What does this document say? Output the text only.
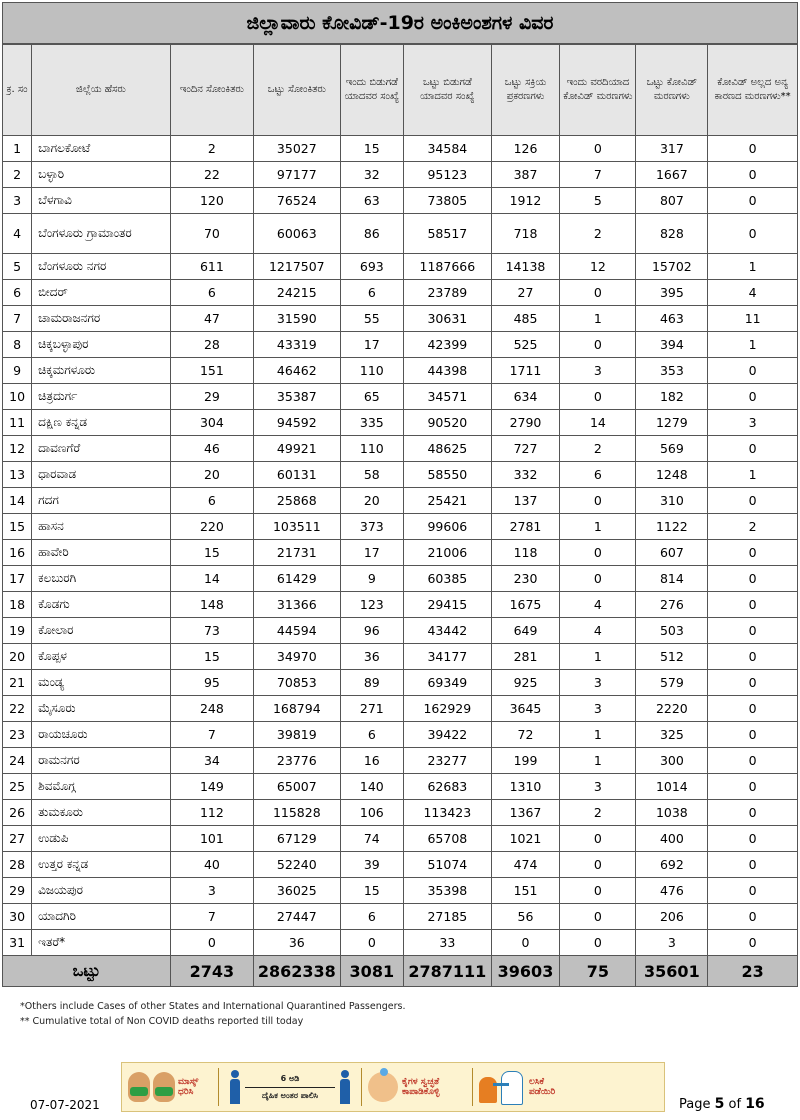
ಜಿಲ್ಲಾವಾರು ಕೋವಿಡ್-19ರ ಅಂಕಿಅಂಶಗಳ ವಿವರ
ಕ್ರ. ಸಂ	ಜಿಲ್ಲೆಯ ಹೆಸರು	ಇಂದಿನ ಸೋಂಕಿತರು	ಒಟ್ಟು ಸೋಂಕಿತರು	ಇಂದು ಬಿಡುಗಡೆ ಯಾದವರ ಸಂಖ್ಯೆ	ಒಟ್ಟು ಬಿಡುಗಡೆ ಯಾದವರ ಸಂಖ್ಯೆ	ಒಟ್ಟು ಸಕ್ರಿಯ ಪ್ರಕರಣಗಳು	ಇಂದು ವರದಿಯಾದ ಕೋವಿಡ್ ಮರಣಗಳು	ಒಟ್ಟು ಕೋವಿಡ್ ಮರಣಗಳು	ಕೋವಿಡ್ ಅಲ್ಲದ ಅನ್ಯ ಕಾರಣದ ಮರಣಗಳು**
1	ಬಾಗಲಕೋಟೆ	2	35027	15	34584	126	0	317	0
2	ಬಳ್ಳಾರಿ	22	97177	32	95123	387	7	1667	0
3	ಬೆಳಗಾವಿ	120	76524	63	73805	1912	5	807	0
4	ಬೆಂಗಳೂರು ಗ್ರಾಮಾಂತರ	70	60063	86	58517	718	2	828	0
5	ಬೆಂಗಳೂರು ನಗರ	611	1217507	693	1187666	14138	12	15702	1
6	ಬೀದರ್	6	24215	6	23789	27	0	395	4
7	ಚಾಮರಾಜನಗರ	47	31590	55	30631	485	1	463	11
8	ಚಿಕ್ಕಬಳ್ಳಾಪುರ	28	43319	17	42399	525	0	394	1
9	ಚಿಕ್ಕಮಗಳೂರು	151	46462	110	44398	1711	3	353	0
10	ಚಿತ್ರದುರ್ಗ	29	35387	65	34571	634	0	182	0
11	ದಕ್ಷಿಣ ಕನ್ನಡ	304	94592	335	90520	2790	14	1279	3
12	ದಾವಣಗೆರೆ	46	49921	110	48625	727	2	569	0
13	ಧಾರವಾಡ	20	60131	58	58550	332	6	1248	1
14	ಗದಗ	6	25868	20	25421	137	0	310	0
15	ಹಾಸನ	220	103511	373	99606	2781	1	1122	2
16	ಹಾವೇರಿ	15	21731	17	21006	118	0	607	0
17	ಕಲಬುರಗಿ	14	61429	9	60385	230	0	814	0
18	ಕೊಡಗು	148	31366	123	29415	1675	4	276	0
19	ಕೋಲಾರ	73	44594	96	43442	649	4	503	0
20	ಕೊಪ್ಪಳ	15	34970	36	34177	281	1	512	0
21	ಮಂಡ್ಯ	95	70853	89	69349	925	3	579	0
22	ಮೈಸೂರು	248	168794	271	162929	3645	3	2220	0
23	ರಾಯಚೂರು	7	39819	6	39422	72	1	325	0
24	ರಾಮನಗರ	34	23776	16	23277	199	1	300	0
25	ಶಿವಮೊಗ್ಗ	149	65007	140	62683	1310	3	1014	0
26	ತುಮಕೂರು	112	115828	106	113423	1367	2	1038	0
27	ಉಡುಪಿ	101	67129	74	65708	1021	0	400	0
28	ಉತ್ತರ ಕನ್ನಡ	40	52240	39	51074	474	0	692	0
29	ವಿಜಯಪುರ	3	36025	15	35398	151	0	476	0
30	ಯಾದಗಿರಿ	7	27447	6	27185	56	0	206	0
31	ಇತರೆ*	0	36	0	33	0	0	3	0
ಒಟ್ಟು		2743	2862338	3081	2787111	39603	75	35601	23
*Others include Cases of other States and International Quarantined Passengers.
** Cumulative total of Non COVID deaths reported till today
ಮಾಸ್ಕ್ ಧರಿಸಿ
6 ಅಡಿ
ದೈಹಿಕ ಅಂತರ ಪಾಲಿಸಿ
ಕೈಗಳ ಸ್ವಚ್ಛತೆ ಕಾಪಾಡಿಕೊಳ್ಳಿ
ಲಸಿಕೆ ಪಡೆಯಿರಿ
07-07-2021	Page 5 of 16
